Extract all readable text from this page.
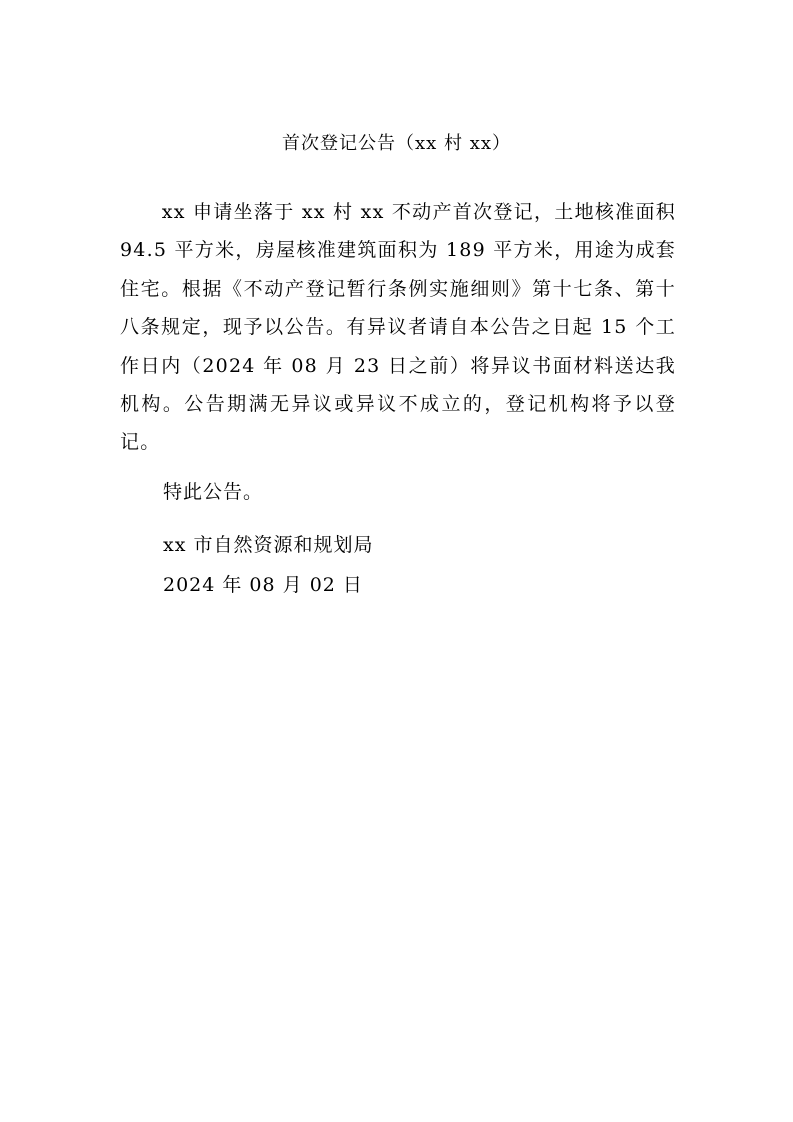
首次登记公告（xx 村 xx）

xx 申请坐落于 xx 村 xx 不动产首次登记，土地核准面积 94.5 平方米，房屋核准建筑面积为 189 平方米，用途为成套住宅。根据《不动产登记暂行条例实施细则》第十七条、第十八条规定，现予以公告。有异议者请自本公告之日起 15 个工作日内（2024 年 08 月 23 日之前）将异议书面材料送达我机构。公告期满无异议或异议不成立的，登记机构将予以登记。

特此公告。
xx 市自然资源和规划局
2024 年 08 月 02 日
